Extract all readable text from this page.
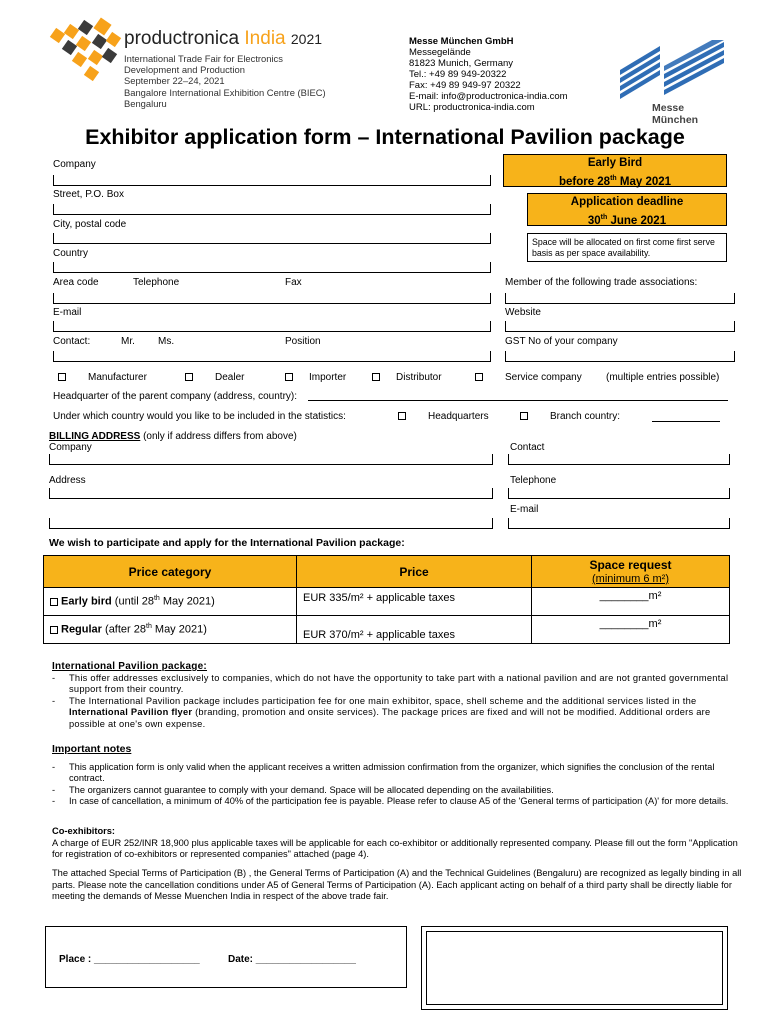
productronica India 2021
International Trade Fair for Electronics
Development and Production
September 22–24, 2021
Bangalore International Exhibition Centre (BIEC)
Bengaluru
Messe München GmbH
Messegelände
81823 Munich, Germany
Tel.: +49 89 949-20322
Fax: +49 89 949-97 20322
E-mail: info@productronica-india.com
URL: productronica-india.com	Messe München
Exhibitor application form – International Pavilion package
Company
Street, P.O. Box
City, postal code
Country
Area code	Telephone	Fax
E-mail
Contact:	Mr. Ms.	Position
Early Bird
before 28th May 2021
Application deadline
30th June 2021
Space will be allocated on first come first serve basis as per space availability.
Member of the following trade associations:
Website
GST No of your company
Manufacturer	Dealer	Importer	Distributor	Service company (multiple entries possible)
Headquarter of the parent company (address, country):
Under which country would you like to be included in the statistics:	Headquarters	Branch country:
BILLING ADDRESS (only if address differs from above)
Company	Contact
Address	Telephone
E-mail
We wish to participate and apply for the International Pavilion package:
Price category	Price	Space request
(minimum 6 m²)

Early bird (until 28th May 2021)	EUR 335/m² + applicable taxes	________m²
Regular (after 28th May 2021)	EUR 370/m² + applicable taxes	________m²
International Pavilion package:
-	This offer addresses exclusively to companies, which do not have the opportunity to take part with a national pavilion and are not granted governmental support from their country.
-	The International Pavilion package includes participation fee for one main exhibitor, space, shell scheme and the additional services listed in the International Pavilion flyer (branding, promotion and onsite services). The package prices are fixed and will not be modified. Additional orders are possible at one's own expense.
Important notes
-	This application form is only valid when the applicant receives a written admission confirmation from the organizer, which signifies the conclusion of the rental contract.
-	The organizers cannot guarantee to comply with your demand. Space will be allocated depending on the availabilities.
-	In case of cancellation, a minimum of 40% of the participation fee is payable. Please refer to clause A5 of the 'General terms of participation (A)' for more details.
Co-exhibitors:
A charge of EUR 252/INR 18,900 plus applicable taxes will be applicable for each co-exhibitor or additionally represented company. Please fill out the form "Application for registration of co-exhibitors or represented companies" attached (page 4).
The attached Special Terms of Participation (B) , the General Terms of Participation (A) and the Technical Guidelines (Bengaluru) are recognized as legally binding in all parts. Please note the cancellation conditions under A5 of General Terms of Participation (A). Each applicant acting on behalf of a third party shall be directly liable for meeting the demands of Messe Muenchen India in respect of the above trade fair.
Place : ___________________	Date: __________________
